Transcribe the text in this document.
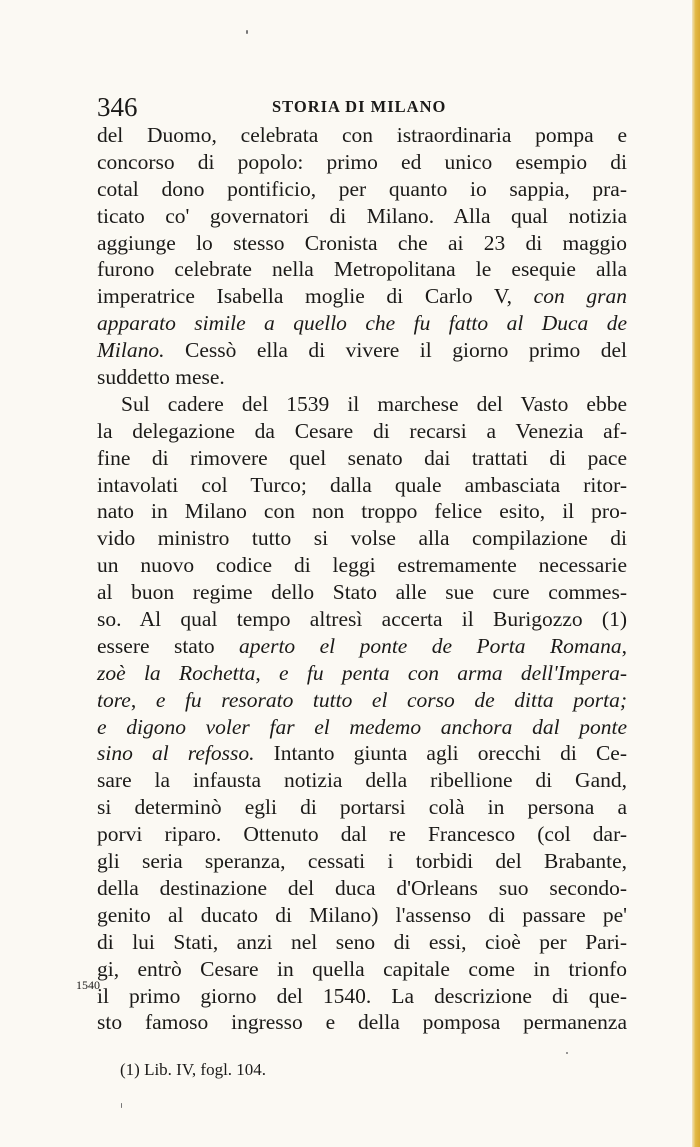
346	STORIA DI MILANO
del Duomo, celebrata con istraordinaria pompa e
concorso di popolo: primo ed unico esempio di
cotal dono pontificio, per quanto io sappia, pra-
ticato co' governatori di Milano. Alla qual notizia
aggiunge lo stesso Cronista che ai 23 di maggio
furono celebrate nella Metropolitana le esequie alla
imperatrice Isabella moglie di Carlo V, con gran
apparato simile a quello che fu fatto al Duca de
Milano. Cessò ella di vivere il giorno primo del
suddetto mese.
Sul cadere del 1539 il marchese del Vasto ebbe
la delegazione da Cesare di recarsi a Venezia af-
fine di rimovere quel senato dai trattati di pace
intavolati col Turco; dalla quale ambasciata ritor-
nato in Milano con non troppo felice esito, il pro-
vido ministro tutto si volse alla compilazione di
un nuovo codice di leggi estremamente necessarie
al buon regime dello Stato alle sue cure commes-
so. Al qual tempo altresì accerta il Burigozzo (1)
essere stato aperto el ponte de Porta Romana,
zoè la Rochetta, e fu penta con arma dell'Impera-
tore, e fu resorato tutto el corso de ditta porta;
e digono voler far el medemo anchora dal ponte
sino al refosso. Intanto giunta agli orecchi di Ce-
sare la infausta notizia della ribellione di Gand,
si determinò egli di portarsi colà in persona a
porvi riparo. Ottenuto dal re Francesco (col dar-
gli seria speranza, cessati i torbidi del Brabante,
della destinazione del duca d'Orleans suo secondo-
genito al ducato di Milano) l'assenso di passare pe'
di lui Stati, anzi nel seno di essi, cioè per Pari-
gi, entrò Cesare in quella capitale come in trionfo
il primo giorno del 1540. La descrizione di que-
sto famoso ingresso e della pomposa permanenza
1540
(1) Lib. IV, fogl. 104.
